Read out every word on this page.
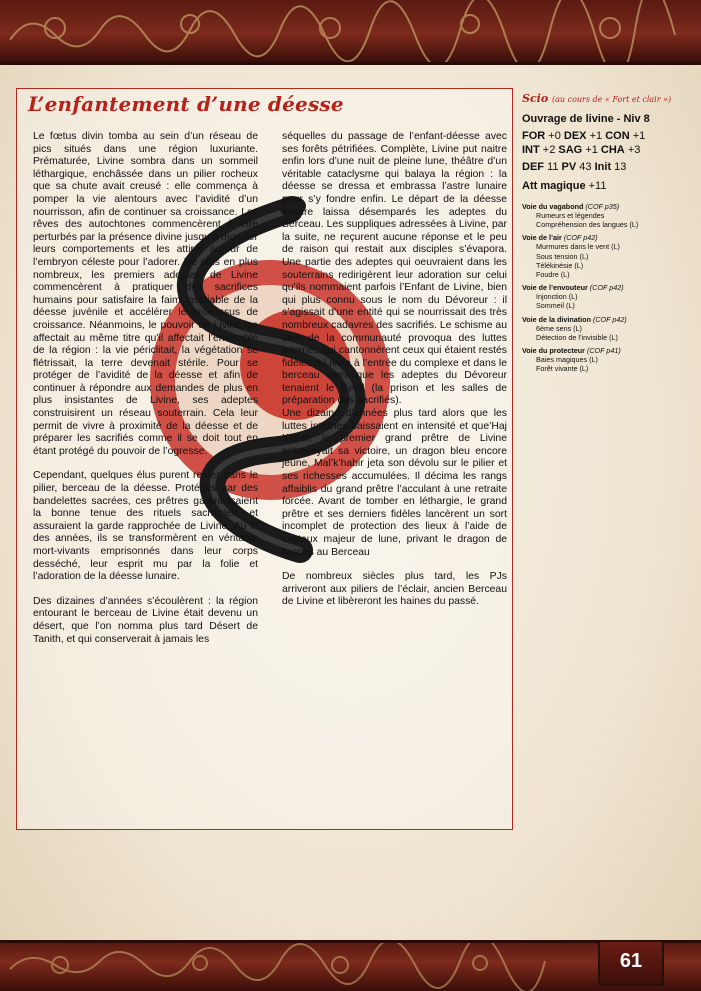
L’enfantement d’une déesse

Le fœtus divin tomba au sein d’un réseau de pics situés dans une région luxuriante. Prématurée, Livine sombra dans un sommeil léthargique, enchâssée dans un pilier rocheux que sa chute avait creusé : elle commença à pomper la vie alentours avec l’avidité d’un nourrisson, afin de continuer sa croissance. Les rêves des autochtones commencèrent à être perturbés par la présence divine jusqu’à modifier leurs comportements et les attirer autour de l’embryon céleste pour l’adorer. De plus en plus nombreux, les premiers adeptes de Livine commencèrent à pratiquer des sacrifices humains pour satisfaire la faim insatiable de la déesse juvénile et accélérer le processus de croissance. Néanmoins, le pouvoir de Livine les affectait au même titre qu’il affectait l’ensemble de la région : la vie périclitait, la végétation se flétrissait, la terre devenait stérile. Pour se protéger de l’avidité de la déesse et afin de continuer à répondre aux demandes de plus en plus insistantes de Livine, ses adeptes construisirent un réseau souterrain. Cela leur permit de vivre à proximité de la déesse et de préparer les sacrifiés comme il se doit tout en étant protégé du pouvoir de l’ogresse.

Cependant, quelques élus purent rester dans le pilier, berceau de la déesse. Protégés par des bandelettes sacrées, ces prêtres garantissaient la bonne tenue des rituels sacrificiels et assuraient la garde rapprochée de Livine. Au fil des années, ils se transformèrent en véritable mort-vivants emprisonnés dans leur corps desséché, leur esprit mu par la folie et l’adoration de la déesse lunaire.

Des dizaines d’années s’écoulèrent : la région entourant le berceau de Livine était devenu un désert, que l’on nomma plus tard Désert de Tanith, et qui conserverait à jamais les

séquelles du passage de l’enfant-déesse avec ses forêts pétrifiées. Complète, Livine put naitre enfin lors d’une nuit de pleine lune, théâtre d’un véritable cataclysme qui balaya la région : la déesse se dressa et embrassa l’astre lunaire pour s’y fondre enfin. Le départ de la déesse lunaire laissa désemparés les adeptes du Berceau. Les suppliques adressées à Livine, par la suite, ne reçurent aucune réponse et le peu de raison qui restait aux disciples s’évapora. Une partie des adeptes qui oeuvraient dans les souterrains redirigèrent leur adoration sur celui qu’ils nommaient parfois l’Enfant de Livine, bien qui plus connu sous le nom du Dévoreur : il s’agissait d’une entité qui se nourrissait des très nombreux cadavres des sacrifiés. Le schisme au sein de la communauté provoqua des luttes internes qui cantonnèrent ceux qui étaient restés fidèles à Livine à l’entrée du complexe et dans le berceau alors que les adeptes du Dévoreur tenaient le Seuil (la prison et les salles de préparation des sacrifiés).

Une dizaine d’années plus tard alors que les luttes internes baissaient en intensité et que’Haj Kabar, le premier grand prêtre de Livine entrevoyait sa victoire, un dragon bleu encore jeune, Mal’k’habir jeta son dévolu sur le pilier et ses richesses accumulées. Il décima les rangs affaiblis du grand prêtre l’acculant à une retraite forcée. Avant de tomber en léthargie, le grand prêtre et ses derniers fidèles lancèrent un sort incomplet de protection des lieux à l’aide de cristaux majeur de lune, privant le dragon de l’accès au Berceau

De nombreux siècles plus tard, les PJs arriveront aux piliers de l’éclair, ancien Berceau de Livine et libèreront les haines du passé.

Scio (au cours de « Fort et clair »)
Ouvrage de livine - Niv 8
FOR +0 DEX +1 CON +1
INT +2 SAG +1 CHA +3
DEF 11 PV 43 Init 13
Att magique +11
Voie du vagabond (COF p35)
Rumeurs et légendes
Compréhension des langues (L)
Voie de l’air (COF p42)
Murmures dans le vent (L)
Sous tension (L)
Télékinésie (L)
Foudre (L)
Voie de l’envouteur (COF p42)
Injonction (L)
Sommeil (L)
Voie de la divination (COF p42)
6ème sens (L)
Détection de l’invisible (L)
Voie du protecteur (COF p41)
Baies magiques (L)
Forêt vivante (L)
61
